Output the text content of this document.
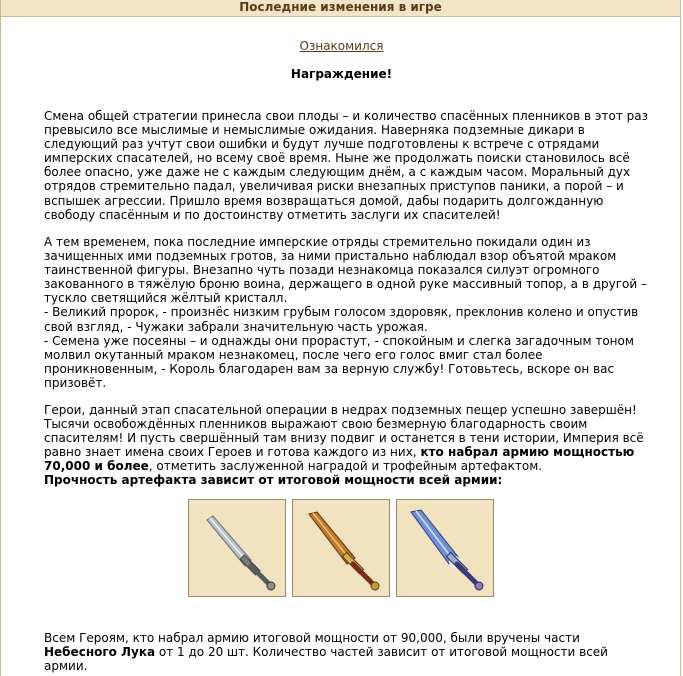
Последние изменения в игре
Ознакомился
Награждение!

Смена общей стратегии принесла свои плоды – и количество спасённых пленников в этот раз превысило все мыслимые и немыслимые ожидания. Наверняка подземные дикари в следующий раз учтут свои ошибки и будут лучше подготовлены к встрече с отрядами имперских спасателей, но всему своё время. Ныне же продолжать поиски становилось всё более опасно, уже даже не с каждым следующим днём, а с каждым часом. Моральный дух отрядов стремительно падал, увеличивая риски внезапных приступов паники, а порой – и вспышек агрессии. Пришло время возвращаться домой, дабы подарить долгожданную свободу спасённым и по достоинству отметить заслуги их спасителей!

А тем временем, пока последние имперские отряды стремительно покидали один из зачищенных ими подземных гротов, за ними пристально наблюдал взор объятой мраком таинственной фигуры. Внезапно чуть позади незнакомца показался силуэт огромного закованного в тяжёлую броню воина, держащего в одной руке массивный топор, а в другой – тускло светящийся жёлтый кристалл.
- Великий пророк, - произнёс низким грубым голосом здоровяк, преклонив колено и опустив свой взгляд, - Чужаки забрали значительную часть урожая.
- Семена уже посеяны – и однажды они прорастут, - спокойным и слегка загадочным тоном молвил окутанный мраком незнакомец, после чего его голос вмиг стал более проникновенным, - Король благодарен вам за верную службу! Готовьтесь, вскоре он вас призовёт.

Герои, данный этап спасательной операции в недрах подземных пещер успешно завершён! Тысячи освобождённых пленников выражают свою безмерную благодарность своим спасителям! И пусть свершённый там внизу подвиг и останется в тени истории, Империя всё равно знает имена своих Героев и готова каждого из них, кто набрал армию мощностью 70,000 и более, отметить заслуженной наградой и трофейным артефактом.
Прочность артефакта зависит от итоговой мощности всей армии:

Всем Героям, кто набрал армию итоговой мощности от 90,000, были вручены части Небесного Лука от 1 до 20 шт. Количество частей зависит от итоговой мощности всей армии.
